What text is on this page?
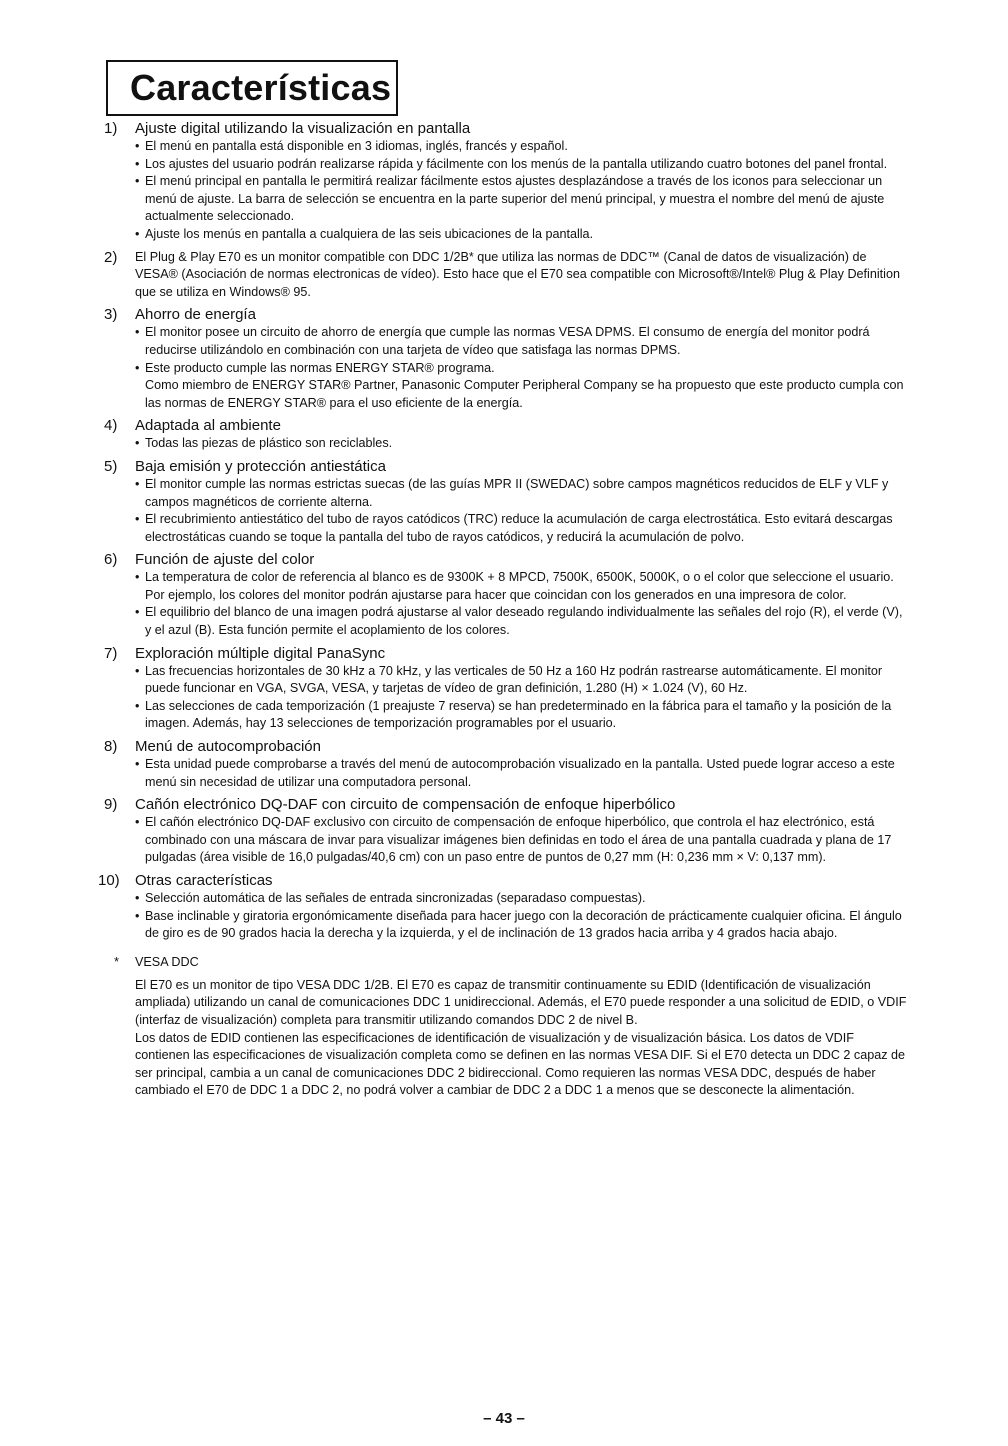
Características
1) Ajuste digital utilizando la visualización en pantalla
• El menú en pantalla está disponible en 3 idiomas, inglés, francés y español.
• Los ajustes del usuario podrán realizarse rápida y fácilmente con los menús de la pantalla utilizando cuatro botones del panel frontal.
• El menú principal en pantalla le permitirá realizar fácilmente estos ajustes desplazándose a través de los iconos para seleccionar un menú de ajuste. La barra de selección se encuentra en la parte superior del menú principal, y muestra el nombre del menú de ajuste actualmente seleccionado.
• Ajuste los menús en pantalla a cualquiera de las seis ubicaciones de la pantalla.
2) El Plug & Play E70 es un monitor compatible con DDC 1/2B* que utiliza las normas de DDC™ (Canal de datos de visualización) de VESA® (Asociación de normas electronicas de vídeo). Esto hace que el E70 sea compatible con Microsoft®/Intel® Plug & Play Definition que se utiliza en Windows® 95.
3) Ahorro de energía
• El monitor posee un circuito de ahorro de energía que cumple las normas VESA DPMS. El consumo de energía del monitor podrá reducirse utilizándolo en combinación con una tarjeta de vídeo que satisfaga las normas DPMS.
• Este producto cumple las normas ENERGY STAR® programa.
Como miembro de ENERGY STAR® Partner, Panasonic Computer Peripheral Company se ha propuesto que este producto cumpla con las normas de ENERGY STAR® para el uso eficiente de la energía.
4) Adaptada al ambiente
• Todas las piezas de plástico son reciclables.
5) Baja emisión y protección antiestática
• El monitor cumple las normas estrictas suecas (de las guías MPR II (SWEDAC) sobre campos magnéticos reducidos de ELF y VLF y campos magnéticos de corriente alterna.
• El recubrimiento antiestático del tubo de rayos catódicos (TRC) reduce la acumulación de carga electrostática. Esto evitará descargas electrostáticas cuando se toque la pantalla del tubo de rayos catódicos, y reducirá la acumulación de polvo.
6) Función de ajuste del color
• La temperatura de color de referencia al blanco es de 9300K + 8 MPCD, 7500K, 6500K, 5000K, o o el color que seleccione el usuario. Por ejemplo, los colores del monitor podrán ajustarse para hacer que coincidan con los generados en una impresora de color.
• El equilibrio del blanco de una imagen podrá ajustarse al valor deseado regulando individualmente las señales del rojo (R), el verde (V), y el azul (B). Esta función permite el acoplamiento de los colores.
7) Exploración múltiple digital PanaSync
• Las frecuencias horizontales de 30 kHz a 70 kHz, y las verticales de 50 Hz a 160 Hz podrán rastrearse automáticamente. El monitor puede funcionar en VGA, SVGA, VESA, y tarjetas de vídeo de gran definición, 1.280 (H) × 1.024 (V), 60 Hz.
• Las selecciones de cada temporización (1 preajuste 7 reserva) se han predeterminado en la fábrica para el tamaño y la posición de la imagen. Además, hay 13 selecciones de temporización programables por el usuario.
8) Menú de autocomprobación
• Esta unidad puede comprobarse a través del menú de autocomprobación visualizado en la pantalla. Usted puede lograr acceso a este menú sin necesidad de utilizar una computadora personal.
9) Cañón electrónico DQ-DAF con circuito de compensación de enfoque hiperbólico
• El cañón electrónico DQ-DAF exclusivo con circuito de compensación de enfoque hiperbólico, que controla el haz electrónico, está combinado con una máscara de invar para visualizar imágenes bien definidas en todo el área de una pantalla cuadrada y plana de 17 pulgadas (área visible de 16,0 pulgadas/40,6 cm) con un paso entre de puntos de 0,27 mm (H: 0,236 mm × V: 0,137 mm).
10) Otras características
• Selección automática de las señales de entrada sincronizadas (separadaso compuestas).
• Base inclinable y giratoria ergonómicamente diseñada para hacer juego con la decoración de prácticamente cualquier oficina. El ángulo de giro es de 90 grados hacia la derecha y la izquierda, y el de inclinación de 13 grados hacia arriba y 4 grados hacia abajo.
* VESA DDC
El E70 es un monitor de tipo VESA DDC 1/2B. El E70 es capaz de transmitir continuamente su EDID (Identificación de visualización ampliada) utilizando un canal de comunicaciones DDC 1 unidireccional. Además, el E70 puede responder a una solicitud de EDID, o VDIF (interfaz de visualización) completa para transmitir utilizando comandos DDC 2 de nivel B.
Los datos de EDID contienen las especificaciones de identificación de visualización y de visualización básica. Los datos de VDIF contienen las especificaciones de visualización completa como se definen en las normas VESA DIF. Si el E70 detecta un DDC 2 capaz de ser principal, cambia a un canal de comunicaciones DDC 2 bidireccional. Como requieren las normas VESA DDC, después de haber cambiado el E70 de DDC 1 a DDC 2, no podrá volver a cambiar de DDC 2 a DDC 1 a menos que se desconecte la alimentación.
– 43 –
